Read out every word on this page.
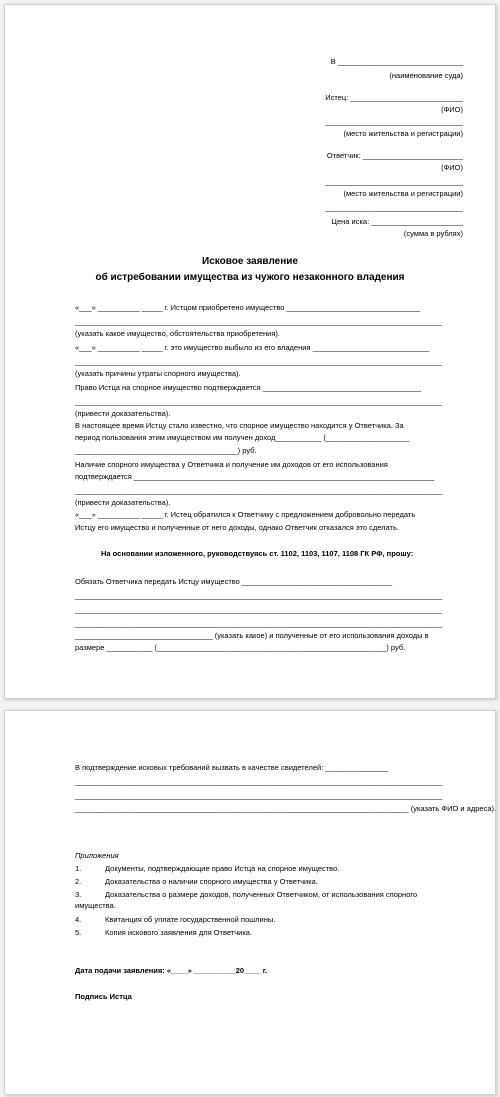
В ______________________________
(наименование суда)
Истец: ___________________________
(ФИО)
_________________________________
(место жительства и регистрации)
Ответчик: ________________________
(ФИО)
_________________________________
(место жительства и регистрации)
_________________________________
Цена иска: ______________________
(сумма в рублях)
Исковое заявление
об истребовании имущества из чужого незаконного владения
«___» __________ _____ г. Истцом приобретено имущество ________________________________
________________________________________________________________________________________
(указать какое имущество, обстоятельства приобретения).
«___» __________ _____ г. это имущество выбыло из его владения ____________________________
________________________________________________________________________________________
(указать причины утраты спорного имущества).
Право Истца на спорное имущество подтверждается ______________________________________
________________________________________________________________________________________
(привести доказательства).
В настоящее время Истцу стало известно, что спорное имущество находится у Ответчика. За
период пользования этим имуществом им получен доход___________ (____________________
_______________________________________) руб.
Наличие спорного имущества у Ответчика и получение им доходов от его использования
подтверждается ________________________________________________________________________
________________________________________________________________________________________
(привести доказательства).
«___» __________ _____ г. Истец обратился к Ответчику с предложением добровольно передать
Истцу его имущество и полученные от него доходы, однако Ответчик отказался это сделать.
На основании изложенного, руководствуясь ст. 1102, 1103, 1107, 1108 ГК РФ, прошу:
Обязать Ответчика передать Истцу имущество ____________________________________
________________________________________________________________________________________
________________________________________________________________________________________
________________________________________________________________________________________
_________________________________ (указать какое) и полученные от его использования доходы в
размере ___________ (_______________________________________________________) руб.
В подтверждение исковых требований вызвать в качестве свидетелей: _______________
________________________________________________________________________________________
________________________________________________________________________________________
________________________________________________________________________________ (указать ФИО и адреса).
Приложения
1.	Документы, подтверждающие право Истца на спорное имущество.
2.	Доказательства о наличии спорного имущества у Ответчика.
3.	Доказательства о размере доходов, полученных Ответчиком, от использования спорного
имущества.
4.	Квитанция об уплате государственной пошлины.
5.	Копия искового заявления для Ответчика.
Дата подачи заявления: «____» __________20____ г.
Подпись Истца
